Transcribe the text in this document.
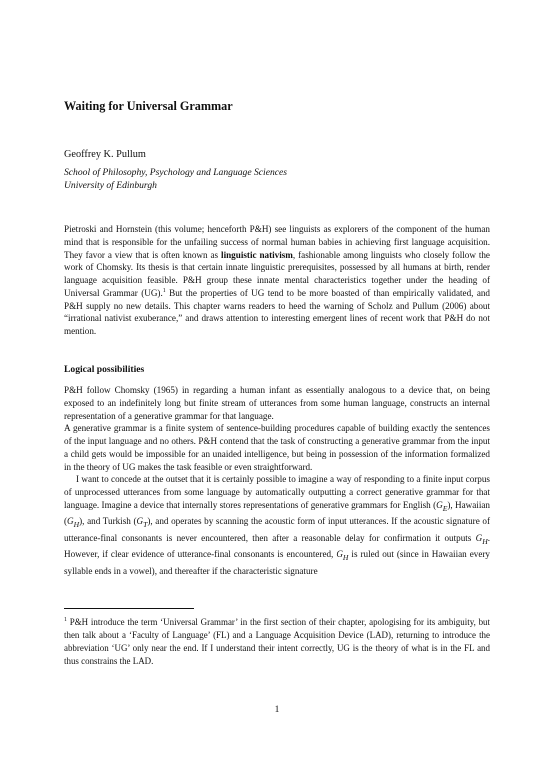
Waiting for Universal Grammar
Geoffrey K. Pullum
School of Philosophy, Psychology and Language Sciences
University of Edinburgh

Pietroski and Hornstein (this volume; henceforth P&H) see linguists as explorers of the component of the human mind that is responsible for the unfailing success of normal human babies in achieving first language acquisition. They favor a view that is often known as linguistic nativism, fashionable among linguists who closely follow the work of Chomsky. Its thesis is that certain innate linguistic prerequisites, possessed by all humans at birth, render language acquisition feasible. P&H group these innate mental characteristics together under the heading of Universal Grammar (UG).$^1$ But the properties of UG tend to be more boasted of than empirically validated, and P&H supply no new details. This chapter warns readers to heed the warning of Scholz and Pullum (2006) about “irrational nativist exuberance,” and draws attention to interesting emergent lines of recent work that P&H do not mention.

Logical possibilities

P&H follow Chomsky (1965) in regarding a human infant as essentially analogous to a device that, on being exposed to an indefinitely long but finite stream of utterances from some human language, constructs an internal representation of a generative grammar for that language.

A generative grammar is a finite system of sentence-building procedures capable of building exactly the sentences of the input language and no others. P&H contend that the task of constructing a generative grammar from the input a child gets would be impossible for an unaided intelligence, but being in possession of the information formalized in the theory of UG makes the task feasible or even straightforward.

I want to concede at the outset that it is certainly possible to imagine a way of responding to a finite input corpus of unprocessed utterances from some language by automatically outputting a correct generative grammar for that language. Imagine a device that internally stores representations of generative grammars for English $(G_E)$, Hawaiian $(G_H)$, and Turkish $(G_T)$, and operates by scanning the acoustic form of input utterances. If the acoustic signature of utterance-final consonants is never encountered, then after a reasonable delay for confirmation it outputs $G_H$. However, if clear evidence of utterance-final consonants is encountered, $G_H$ is ruled out (since in Hawaiian every syllable ends in a vowel), and thereafter if the characteristic signature

$^1$ P&H introduce the term ‘Universal Grammar’ in the first section of their chapter, apologising for its ambiguity, but then talk about a ‘Faculty of Language’ (FL) and a Language Acquisition Device (LAD), returning to introduce the abbreviation ‘UG’ only near the end. If I understand their intent correctly, UG is the theory of what is in the FL and thus constrains the LAD.
1
